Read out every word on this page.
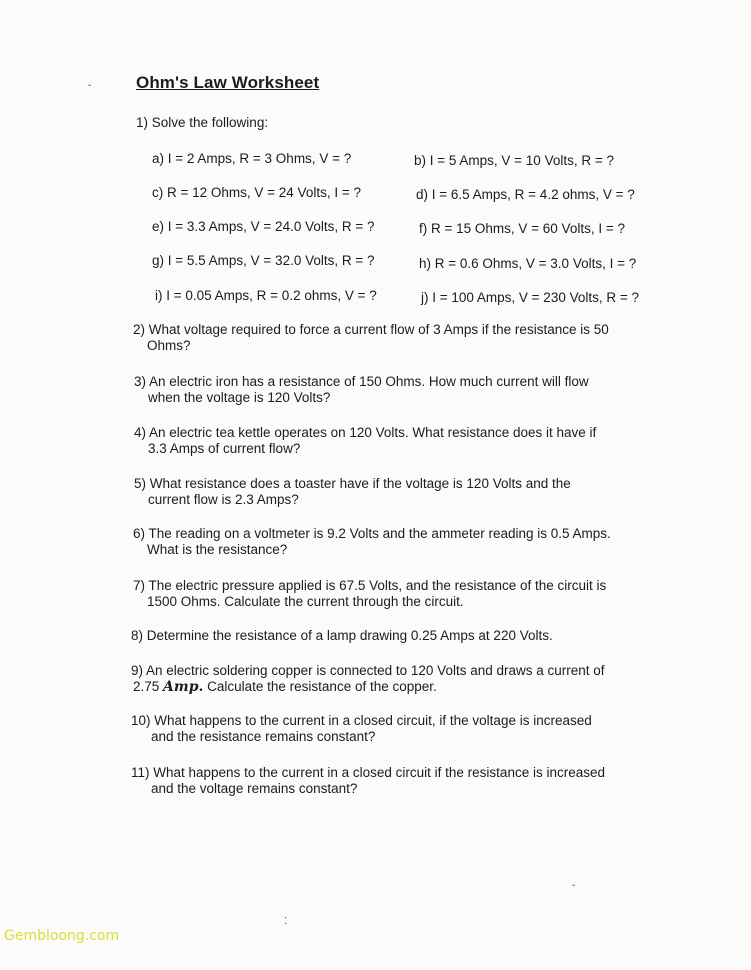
Ohm's Law Worksheet
1) Solve the following:
a) I = 2 Amps, R = 3 Ohms, V = ?	b) I = 5 Amps, V = 10 Volts, R = ?
c) R = 12 Ohms, V = 24 Volts, I = ?	d) I = 6.5 Amps, R = 4.2 ohms, V = ?
e) I = 3.3 Amps, V = 24.0 Volts, R = ?	f) R = 15 Ohms, V = 60 Volts, I = ?
g) I = 5.5 Amps, V = 32.0 Volts, R = ?	h) R = 0.6 Ohms, V = 3.0 Volts, I = ?
i) I = 0.05 Amps, R = 0.2 ohms, V = ?	j) I = 100 Amps, V = 230 Volts, R = ?
2) What voltage required to force a current flow of 3 Amps if the resistance is 50
Ohms?
3) An electric iron has a resistance of 150 Ohms. How much current will flow
when the voltage is 120 Volts?
4) An electric tea kettle operates on 120 Volts. What resistance does it have if
3.3 Amps of current flow?
5) What resistance does a toaster have if the voltage is 120 Volts and the
current flow is 2.3 Amps?
6) The reading on a voltmeter is 9.2 Volts and the ammeter reading is 0.5 Amps.
What is the resistance?
7) The electric pressure applied is 67.5 Volts, and the resistance of the circuit is
1500 Ohms. Calculate the current through the circuit.
8) Determine the resistance of a lamp drawing 0.25 Amps at 220 Volts.
9) An electric soldering copper is connected to 120 Volts and draws a current of
2.75 Amp. Calculate the resistance of the copper.
10) What happens to the current in a closed circuit, if the voltage is increased
and the resistance remains constant?
11) What happens to the current in a closed circuit if the resistance is increased
and the voltage remains constant?
ˇ
⁚
ˇ
Gembloong.com
